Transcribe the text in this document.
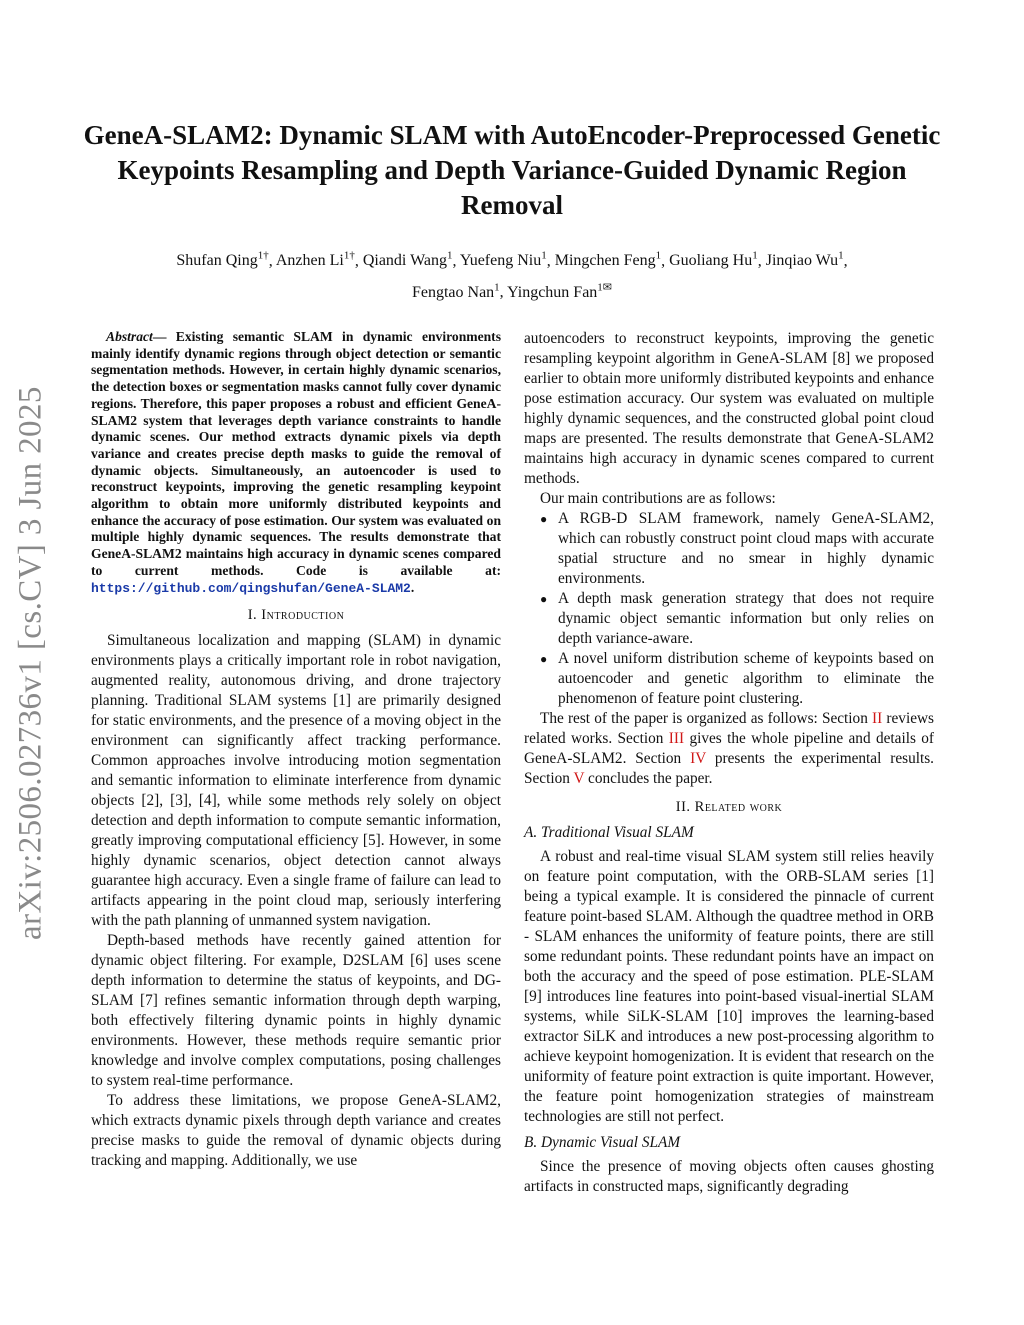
arXiv:2506.02736v1 [cs.CV] 3 Jun 2025
GeneA-SLAM2: Dynamic SLAM with AutoEncoder-Preprocessed Genetic Keypoints Resampling and Depth Variance-Guided Dynamic Region Removal
Shufan Qing$^{1\dagger}$, Anzhen $Li^{1\dagger}$, Qiandi Wang$^1$, Yuefeng Niu$^1$, Mingchen Feng$^1$, Guoliang Hu$^1$, Jinqiao Wu$^1$,
Fengtao Nan$^1$, Yingchun Fan$^{1✉}$

Abstract— Existing semantic SLAM in dynamic environments mainly identify dynamic regions through object detection or semantic segmentation methods. However, in certain highly dynamic scenarios, the detection boxes or segmentation masks cannot fully cover dynamic regions. Therefore, this paper proposes a robust and efficient GeneA-SLAM2 system that leverages depth variance constraints to handle dynamic scenes. Our method extracts dynamic pixels via depth variance and creates precise depth masks to guide the removal of dynamic objects. Simultaneously, an autoencoder is used to reconstruct keypoints, improving the genetic resampling keypoint algorithm to obtain more uniformly distributed keypoints and enhance the accuracy of pose estimation. Our system was evaluated on multiple highly dynamic sequences. The results demonstrate that GeneA-SLAM2 maintains high accuracy in dynamic scenes compared to current methods. Code is available at: https://github.com/qingshufan/GeneA-SLAM2.

I. Introduction

Simultaneous localization and mapping (SLAM) in dynamic environments plays a critically important role in robot navigation, augmented reality, autonomous driving, and drone trajectory planning. Traditional SLAM systems [1] are primarily designed for static environments, and the presence of a moving object in the environment can significantly affect tracking performance. Common approaches involve introducing motion segmentation and semantic information to eliminate interference from dynamic objects [2], [3], [4], while some methods rely solely on object detection and depth information to compute semantic information, greatly improving computational efficiency [5]. However, in some highly dynamic scenarios, object detection cannot always guarantee high accuracy. Even a single frame of failure can lead to artifacts appearing in the point cloud map, seriously interfering with the path planning of unmanned system navigation.

Depth-based methods have recently gained attention for dynamic object filtering. For example, D2SLAM [6] uses scene depth information to determine the status of keypoints, and DG-SLAM [7] refines semantic information through depth warping, both effectively filtering dynamic points in highly dynamic environments. However, these methods require semantic prior knowledge and involve complex computations, posing challenges to system real-time performance.

To address these limitations, we propose GeneA-SLAM2, which extracts dynamic pixels through depth variance and creates precise masks to guide the removal of dynamic objects during tracking and mapping. Additionally, we use

autoencoders to reconstruct keypoints, improving the genetic resampling keypoint algorithm in GeneA-SLAM [8] we proposed earlier to obtain more uniformly distributed keypoints and enhance pose estimation accuracy. Our system was evaluated on multiple highly dynamic sequences, and the constructed global point cloud maps are presented. The results demonstrate that GeneA-SLAM2 maintains high accuracy in dynamic scenes compared to current methods.

Our main contributions are as follows:

● A RGB-D SLAM framework, namely GeneA-SLAM2, which can robustly construct point cloud maps with accurate spatial structure and no smear in highly dynamic environments.
● A depth mask generation strategy that does not require dynamic object semantic information but only relies on depth variance-aware.
● A novel uniform distribution scheme of keypoints based on autoencoder and genetic algorithm to eliminate the phenomenon of feature point clustering.

The rest of the paper is organized as follows: Section II reviews related works. Section III gives the whole pipeline and details of GeneA-SLAM2. Section IV presents the experimental results. Section V concludes the paper.

II. Related work
A. Traditional Visual SLAM

A robust and real-time visual SLAM system still relies heavily on feature point computation, with the ORB-SLAM series [1] being a typical example. It is considered the pinnacle of current feature point-based SLAM. Although the quadtree method in ORB - SLAM enhances the uniformity of feature points, there are still some redundant points. These redundant points have an impact on both the accuracy and the speed of pose estimation. PLE-SLAM [9] introduces line features into point-based visual-inertial SLAM systems, while SiLK-SLAM [10] improves the learning-based extractor SiLK and introduces a new post-processing algorithm to achieve keypoint homogenization. It is evident that research on the uniformity of feature point extraction is quite important. However, the feature point homogenization strategies of mainstream technologies are still not perfect.

B. Dynamic Visual SLAM

Since the presence of moving objects often causes ghosting artifacts in constructed maps, significantly degrading
